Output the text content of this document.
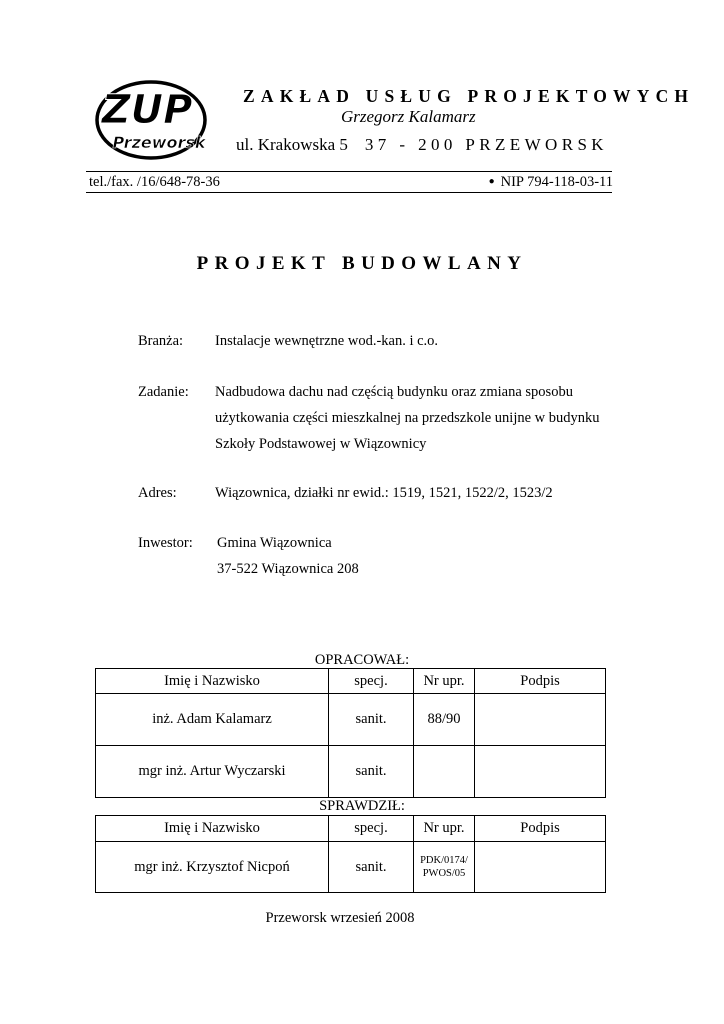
ZUP
Przeworsk
ZAKŁAD USŁUG PROJEKTOWYCH
Grzegorz Kalamarz
ul. Krakowska 5 37 - 200 PRZEWORSK
tel./fax. /16/648-78-36	● NIP 794-118-03-11
PROJEKT BUDOWLANY
Branża: Instalacje wewnętrzne wod.-kan. i c.o.
Zadanie: Nadbudowa dachu nad częścią budynku oraz zmiana sposobu
użytkowania części mieszkalnej na przedszkole unijne w budynku
Szkoły Podstawowej w Wiązownicy
Adres:	Wiązownica, działki nr ewid.: 1519, 1521, 1522/2, 1523/2
Inwestor: Gmina Wiązownica
37-522 Wiązownica 208
OPRACOWAŁ:
Imię i Nazwisko	specj.	Nr upr.	Podpis
inż. Adam Kalamarz	sanit.	88/90	
mgr inż. Artur Wyczarski	sanit.		
SPRAWDZIŁ:
Imię i Nazwisko	specj.	Nr upr.	Podpis
mgr inż. Krzysztof Nicpoń	sanit.	PDK/0174/
PWOS/05	

Przeworsk wrzesień 2008
